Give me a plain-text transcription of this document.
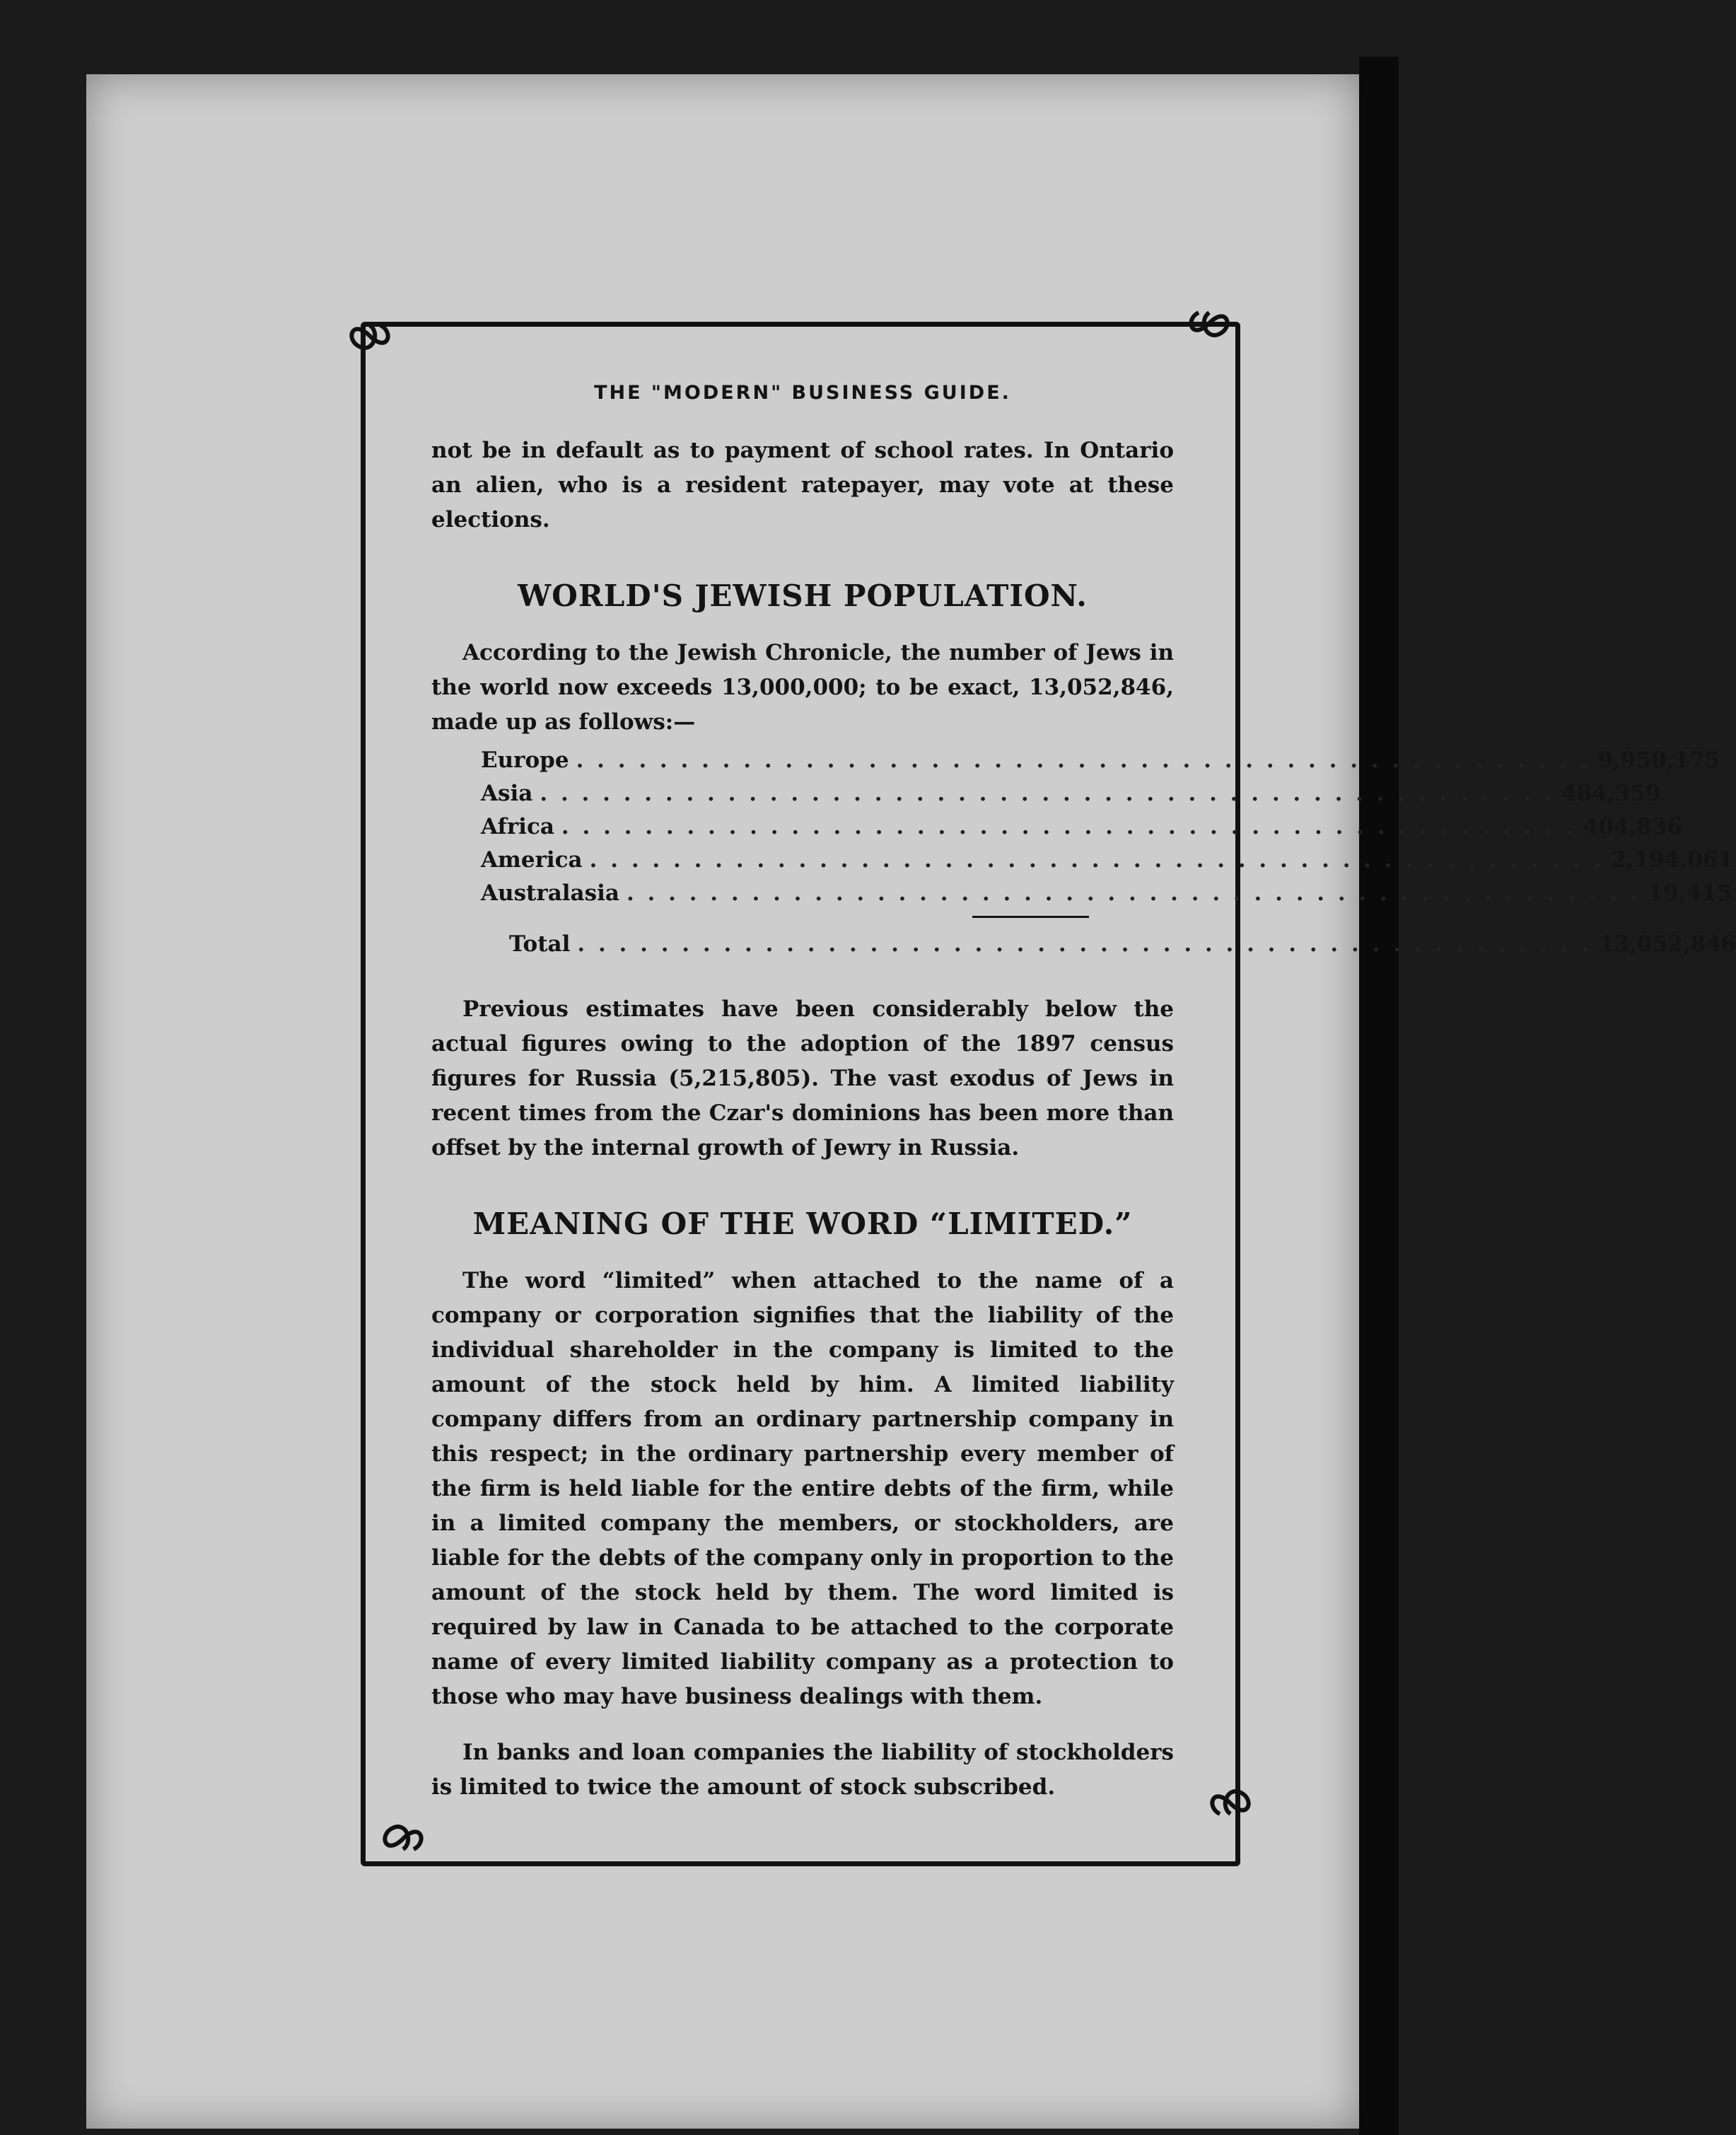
THE "MODERN" BUSINESS GUIDE.

not be in default as to payment of school rates. In Ontario an alien, who is a resident ratepayer, may vote at these elections.

WORLD'S JEWISH POPULATION.

According to the Jewish Chronicle, the number of Jews in the world now exceeds 13,000,000; to be exact, 13,052,846, made up as follows:—

Europe . . . . . . . . . . . . . . . . . . . . . . . . . . . . . . . . . . . . . . . . . . . . . . . . . 9,950,175
Asia . . . . . . . . . . . . . . . . . . . . . . . . . . . . . . . . . . . . . . . . . . . . . . . . . 484,359
Africa . . . . . . . . . . . . . . . . . . . . . . . . . . . . . . . . . . . . . . . . . . . . . . . . . 404,836
America . . . . . . . . . . . . . . . . . . . . . . . . . . . . . . . . . . . . . . . . . . . . . . . . . 2,194,061
Australasia . . . . . . . . . . . . . . . . . . . . . . . . . . . . . . . . . . . . . . . . . . . . . . . . . 19,415
Total . . . . . . . . . . . . . . . . . . . . . . . . . . . . . . . . . . . . . . . . . . . . . . . . . 13,052,846

Previous estimates have been considerably below the actual figures owing to the adoption of the 1897 census figures for Russia (5,215,805). The vast exodus of Jews in recent times from the Czar's dominions has been more than offset by the internal growth of Jewry in Russia.

MEANING OF THE WORD “LIMITED.”

The word “limited” when attached to the name of a company or corporation signifies that the liability of the individual shareholder in the company is limited to the amount of the stock held by him. A limited liability company differs from an ordinary partnership company in this respect; in the ordinary partnership every member of the firm is held liable for the entire debts of the firm, while in a limited company the members, or stockholders, are liable for the debts of the company only in proportion to the amount of the stock held by them. The word limited is required by law in Canada to be attached to the corporate name of every limited liability company as a protection to those who may have business dealings with them.

In banks and loan companies the liability of stockholders is limited to twice the amount of stock subscribed.
